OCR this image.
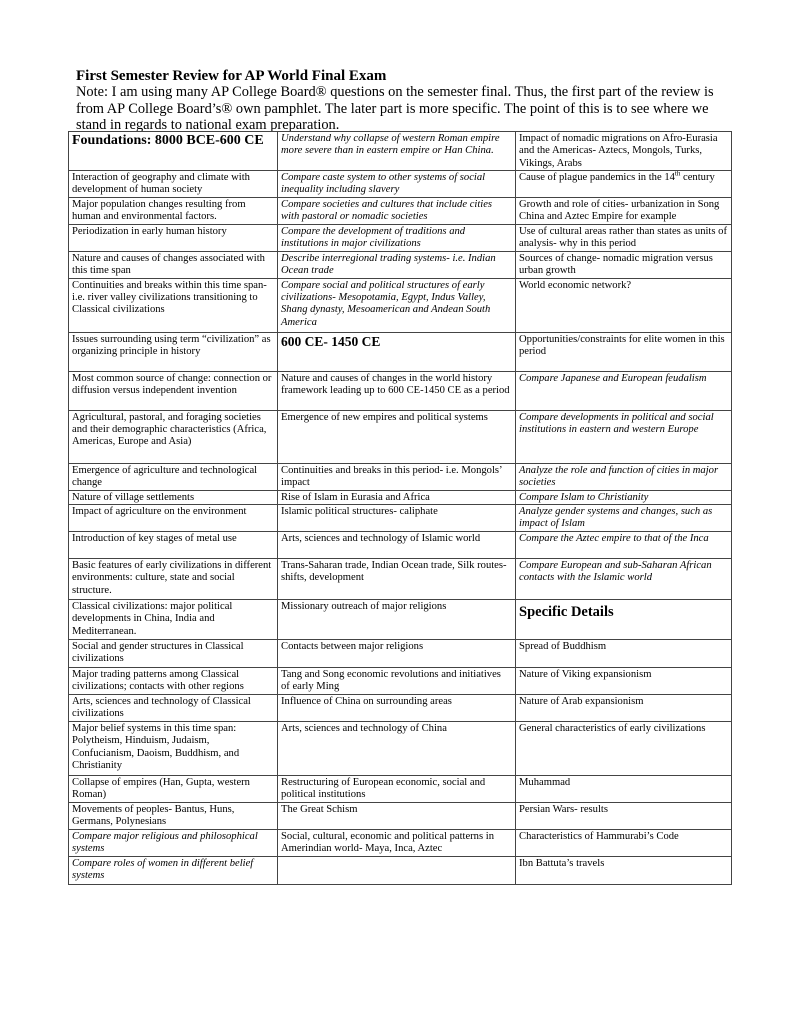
First Semester Review for AP World Final Exam
Note: I am using many AP College Board® questions on the semester final. Thus, the first part of the review is from AP College Board’s® own pamphlet. The later part is more specific. The point of this is to see where we stand in regards to national exam preparation.
Foundations: 8000 BCE-600 CE	Understand why collapse of western Roman empire more severe than in eastern empire or Han China.	Impact of nomadic migrations on Afro-Eurasia and the Americas- Aztecs, Mongols, Turks, Vikings, Arabs
Interaction of geography and climate with development of human society	Compare caste system to other systems of social inequality including slavery	Cause of plague pandemics in the 14th century
Major population changes resulting from human and environmental factors.	Compare societies and cultures that include cities with pastoral or nomadic societies	Growth and role of cities- urbanization in Song China and Aztec Empire for example
Periodization in early human history	Compare the development of traditions and institutions in major civilizations	Use of cultural areas rather than states as units of analysis- why in this period
Nature and causes of changes associated with this time span	Describe interregional trading systems- i.e. Indian Ocean trade	Sources of change- nomadic migration versus urban growth
Continuities and breaks within this time span- i.e. river valley civilizations transitioning to Classical civilizations	Compare social and political structures of early civilizations- Mesopotamia, Egypt, Indus Valley, Shang dynasty, Mesoamerican and Andean South America	World economic network?
Issues surrounding using term “civilization” as organizing principle in history	600 CE- 1450 CE	Opportunities/constraints for elite women in this period
Most common source of change: connection or diffusion versus independent invention	Nature and causes of changes in the world history framework leading up to 600 CE-1450 CE as a period	Compare Japanese and European feudalism
Agricultural, pastoral, and foraging societies and their demographic characteristics (Africa, Americas, Europe and Asia)	Emergence of new empires and political systems	Compare developments in political and social institutions in eastern and western Europe
Emergence of agriculture and technological change	Continuities and breaks in this period- i.e. Mongols’ impact	Analyze the role and function of cities in major societies
Nature of village settlements	Rise of Islam in Eurasia and Africa	Compare Islam to Christianity
Impact of agriculture on the environment	Islamic political structures- caliphate	Analyze gender systems and changes, such as impact of Islam
Introduction of key stages of metal use	Arts, sciences and technology of Islamic world	Compare the Aztec empire to that of the Inca
Basic features of early civilizations in different environments: culture, state and social structure.	Trans-Saharan trade, Indian Ocean trade, Silk routes- shifts, development	Compare European and sub-Saharan African contacts with the Islamic world
Classical civilizations: major political developments in China, India and Mediterranean.	Missionary outreach of major religions	Specific Details

Social and gender structures in Classical civilizations	Contacts between major religions	Spread of Buddhism
Major trading patterns among Classical civilizations; contacts with other regions	Tang and Song economic revolutions and initiatives of early Ming	Nature of Viking expansionism
Arts, sciences and technology of Classical civilizations	Influence of China on surrounding areas	Nature of Arab expansionism
Major belief systems in this time span: Polytheism, Hinduism, Judaism, Confucianism, Daoism, Buddhism, and Christianity	Arts, sciences and technology of China	General characteristics of early civilizations
Collapse of empires (Han, Gupta, western Roman)	Restructuring of European economic, social and political institutions	Muhammad
Movements of peoples- Bantus, Huns, Germans, Polynesians	The Great Schism	Persian Wars- results
Compare major religious and philosophical systems	Social, cultural, economic and political patterns in Amerindian world- Maya, Inca, Aztec	Characteristics of Hammurabi’s Code
Compare roles of women in different belief systems		Ibn Battuta’s travels
